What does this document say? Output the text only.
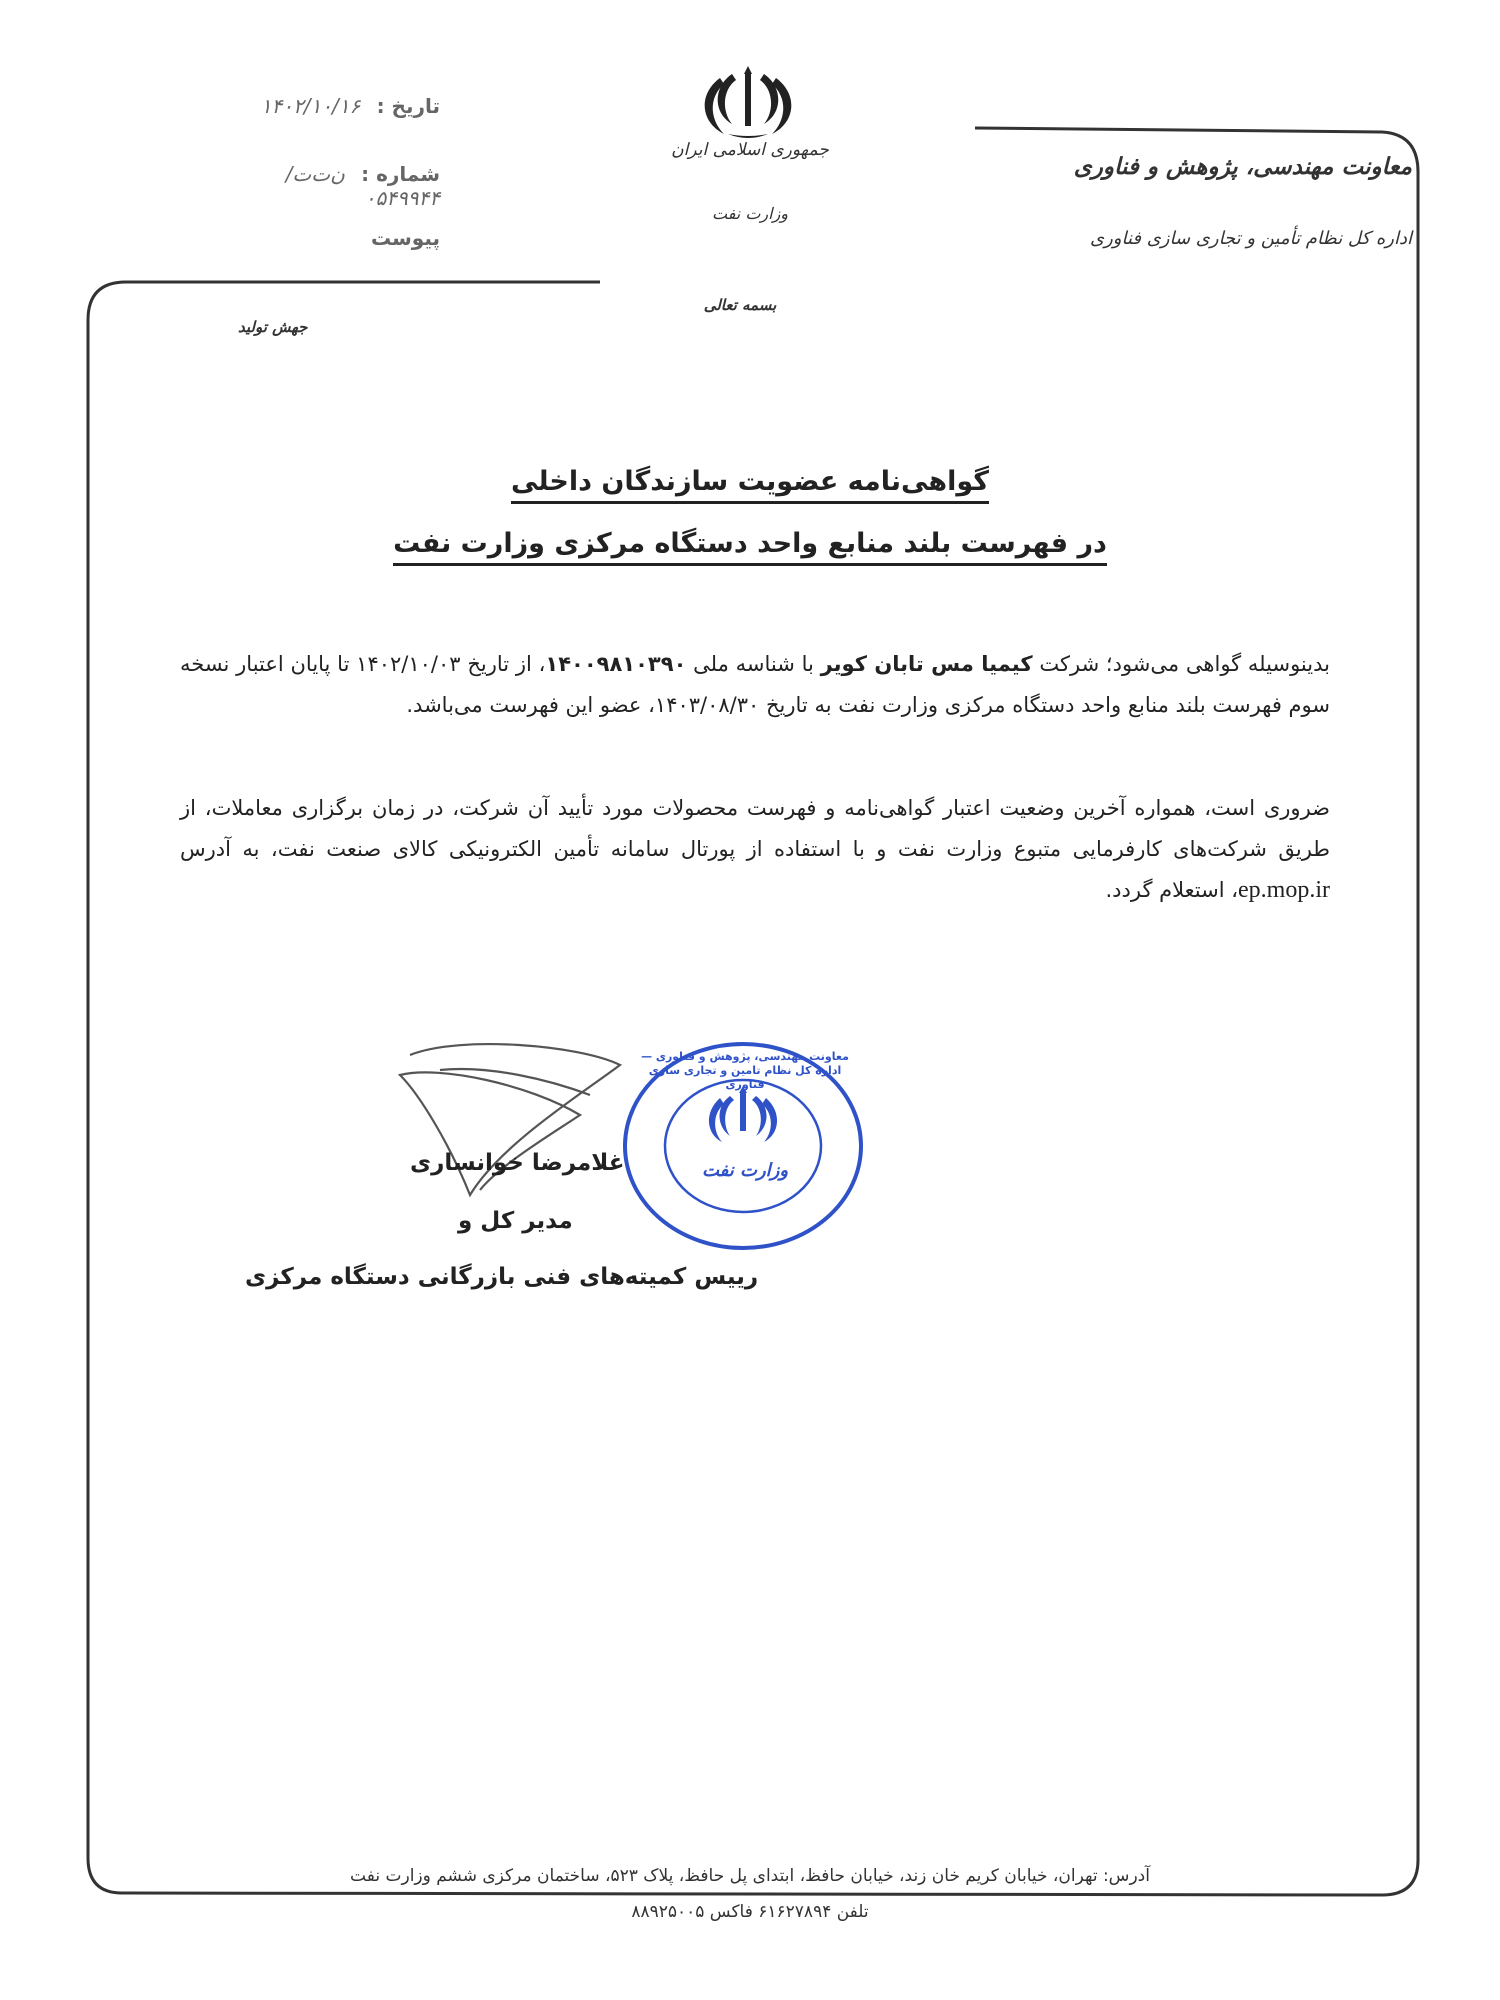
جمهوری اسلامی ایران
وزارت نفت
بسمه تعالی
معاونت مهندسی، پژوهش و فناوری
اداره کل نظام تأمین و تجاری سازی فناوری
تاریخ : ۱۴۰۲/۱۰/۱۶
شماره : ن‌ت‌ت/ ۰۵۴۹۹۴۴
پیوست
جهش تولید
گواهی‌نامه عضویت سازندگان داخلی
در فهرست بلند منابع واحد دستگاه مرکزی وزارت نفت
بدینوسیله گواهی می‌شود؛ شرکت کیمیا مس تابان کویر با شناسه ملی ۱۴۰۰۹۸۱۰۳۹۰، از تاریخ ۱۴۰۲/۱۰/۰۳ تا پایان اعتبار نسخه سوم فهرست بلند منابع واحد دستگاه مرکزی وزارت نفت به تاریخ ۱۴۰۳/۰۸/۳۰، عضو این فهرست می‌باشد.
ضروری است، همواره آخرین وضعیت اعتبار گواهی‌نامه و فهرست محصولات مورد تأیید آن شرکت، در زمان برگزاری معاملات، از طریق شرکت‌های کارفرمایی متبوع وزارت نفت و با استفاده از پورتال سامانه تأمین الکترونیکی کالای صنعت نفت، به آدرس ep.mop.ir، استعلام گردد.
معاونت مهندسی، پژوهش و فناوری — اداره کل نظام تامین و تجاری سازی فناوری
وزارت نفت
غلامرضا خوانساری
مدیر کل و
رییس کمیته‌های فنی بازرگانی دستگاه مرکزی
آدرس: تهران، خیابان کریم خان زند، خیابان حافظ، ابتدای پل حافظ، پلاک ۵۲۳، ساختمان مرکزی ششم وزارت نفت
تلفن ۶۱۶۲۷۸۹۴ فاکس ۸۸۹۲۵۰۰۵
